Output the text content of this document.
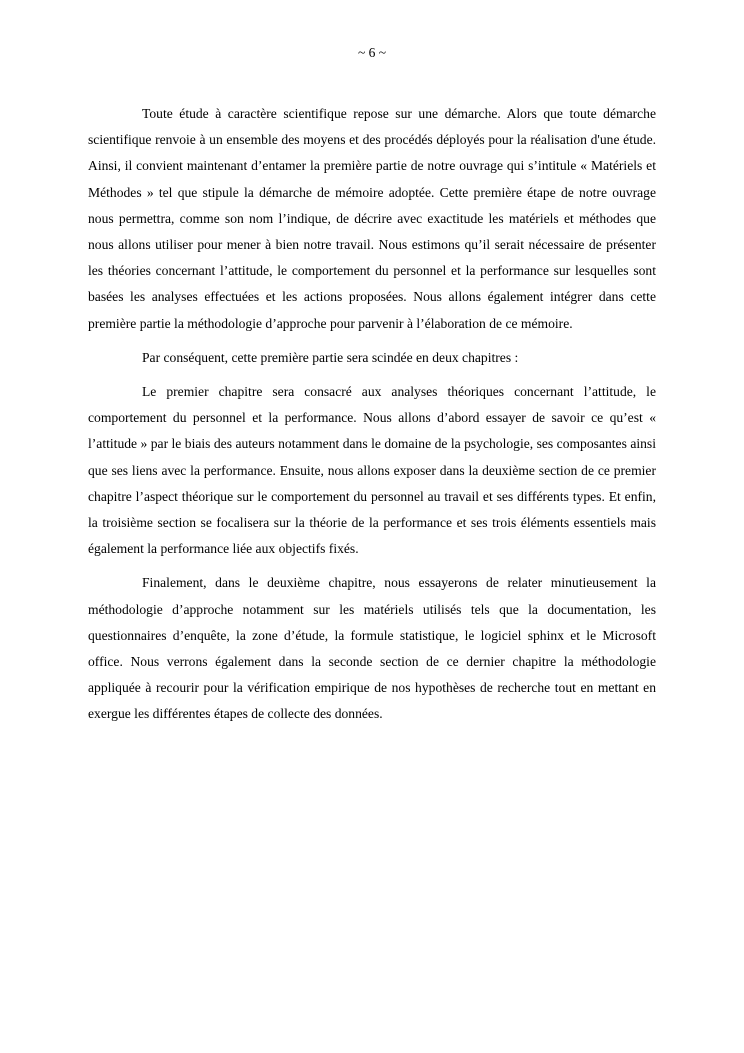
~ 6 ~

Toute étude à caractère scientifique repose sur une démarche. Alors que toute démarche scientifique renvoie à un ensemble des moyens et des procédés déployés pour la réalisation d'une étude. Ainsi, il convient maintenant d’entamer la première partie de notre ouvrage qui s’intitule « Matériels et Méthodes » tel que stipule la démarche de mémoire adoptée. Cette première étape de notre ouvrage nous permettra, comme son nom l’indique, de décrire avec exactitude les matériels et méthodes que nous allons utiliser pour mener à bien notre travail. Nous estimons qu’il serait nécessaire de présenter les théories concernant l’attitude, le comportement du personnel et la performance sur lesquelles sont basées les analyses effectuées et les actions proposées. Nous allons également intégrer dans cette première partie la méthodologie d’approche pour parvenir à l’élaboration de ce mémoire.

Par conséquent, cette première partie sera scindée en deux chapitres :

Le premier chapitre sera consacré aux analyses théoriques concernant l’attitude, le comportement du personnel et la performance. Nous allons d’abord essayer de savoir ce qu’est « l’attitude » par le biais des auteurs notamment dans le domaine de la psychologie, ses composantes ainsi que ses liens avec la performance. Ensuite, nous allons exposer dans la deuxième section de ce premier chapitre l’aspect théorique sur le comportement du personnel au travail et ses différents types. Et enfin, la troisième section se focalisera sur la théorie de la performance et ses trois éléments essentiels mais également la performance liée aux objectifs fixés.

Finalement, dans le deuxième chapitre, nous essayerons de relater minutieusement la méthodologie d’approche notamment sur les matériels utilisés tels que la documentation, les questionnaires d’enquête, la zone d’étude, la formule statistique, le logiciel sphinx et le Microsoft office. Nous verrons également dans la seconde section de ce dernier chapitre la méthodologie appliquée à recourir pour la vérification empirique de nos hypothèses de recherche tout en mettant en exergue les différentes étapes de collecte des données.
